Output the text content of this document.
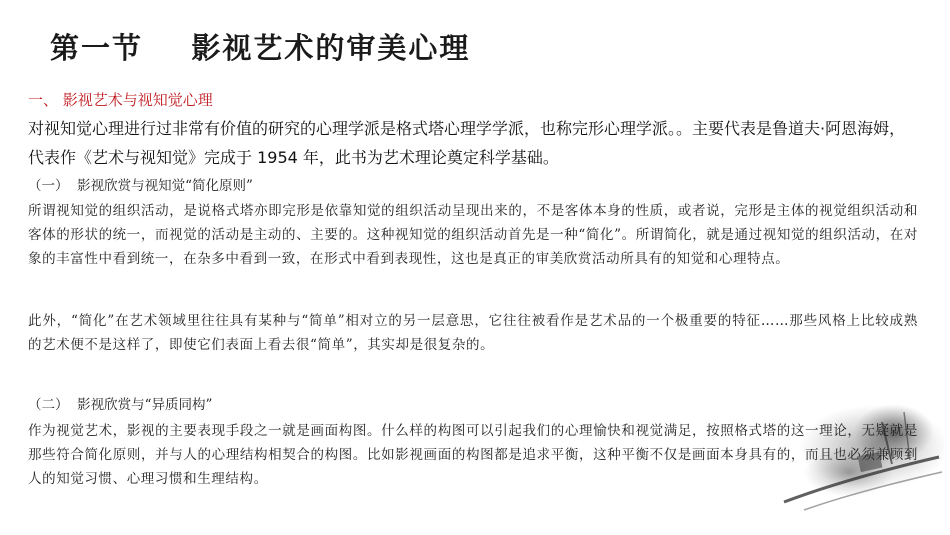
第一节    影视艺术的审美心理
一、 影视艺术与视知觉心理
对视知觉心理进行过非常有价值的研究的心理学派是格式塔心理学学派，也称完形心理学派。。主要代表是鲁道夫·阿恩海姆，代表作《艺术与视知觉》完成于 1954 年，此书为艺术理论奠定科学基础。
（一）  影视欣赏与视知觉“简化原则”
所谓视知觉的组织活动，是说格式塔亦即完形是依靠知觉的组织活动呈现出来的，不是客体本身的性质，或者说，完形是主体的视觉组织活动和客体的形状的统一，而视觉的活动是主动的、主要的。这种视知觉的组织活动首先是一种“简化”。所谓简化，就是通过视知觉的组织活动，在对象的丰富性中看到统一，在杂多中看到一致，在形式中看到表现性，这也是真正的审美欣赏活动所具有的知觉和心理特点。
此外，“简化”在艺术领域里往往具有某种与“简单”相对立的另一层意思，它往往被看作是艺术品的一个极重要的特征……那些风格上比较成熟的艺术便不是这样了，即使它们表面上看去很“简单”，其实却是很复杂的。
（二）  影视欣赏与“异质同构”
作为视觉艺术，影视的主要表现手段之一就是画面构图。什么样的构图可以引起我们的心理愉快和视觉满足，按照格式塔的这一理论，无疑就是那些符合简化原则，并与人的心理结构相契合的构图。比如影视画面的构图都是追求平衡，这种平衡不仅是画面本身具有的，而且也必须兼顾到人的知觉习惯、心理习惯和生理结构。
